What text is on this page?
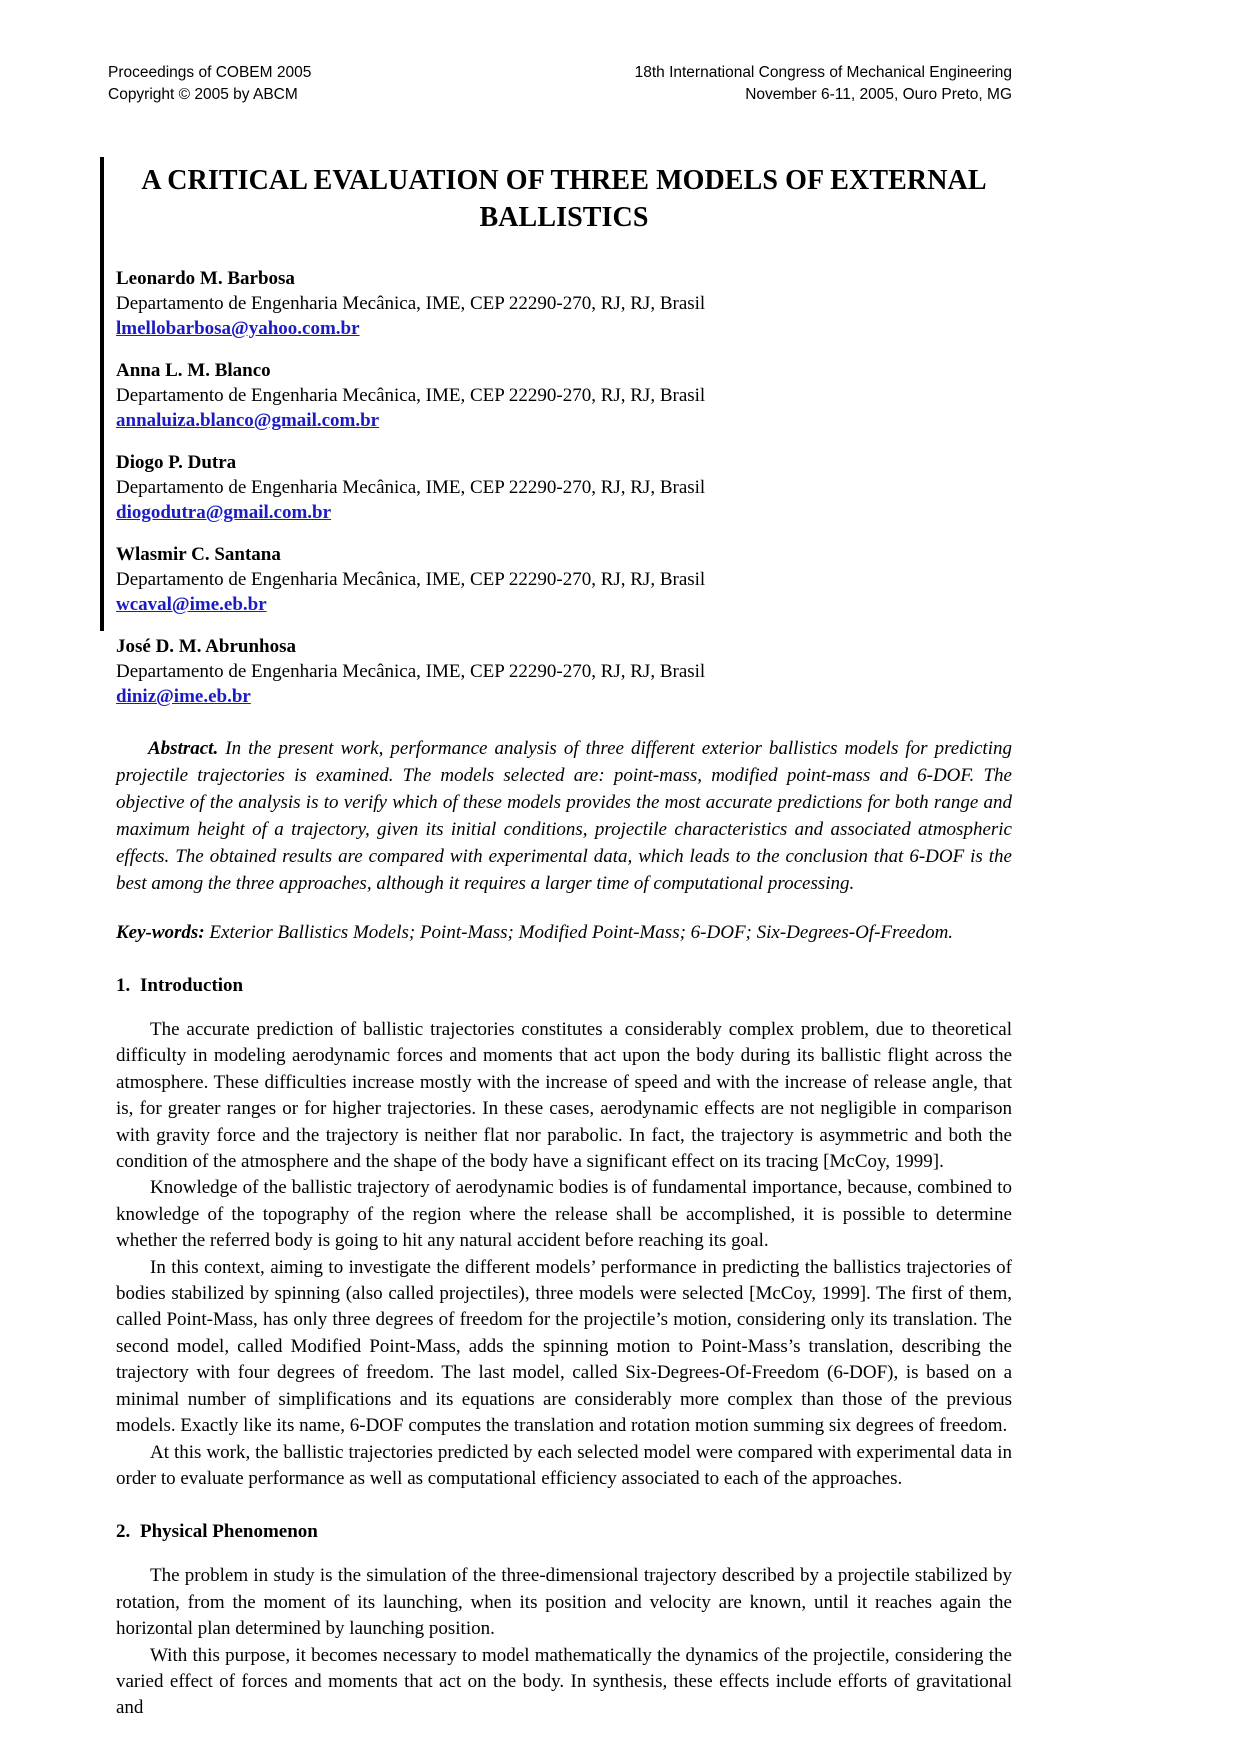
Proceedings of COBEM 2005
Copyright © 2005 by ABCM
18th International Congress of Mechanical Engineering
November 6-11, 2005, Ouro Preto, MG
A CRITICAL EVALUATION OF THREE MODELS OF EXTERNAL BALLISTICS
Leonardo M. Barbosa
Departamento de Engenharia Mecânica, IME, CEP 22290-270, RJ, RJ, Brasil
lmellobarbosa@yahoo.com.br
Anna L. M. Blanco
Departamento de Engenharia Mecânica, IME, CEP 22290-270, RJ, RJ, Brasil
annaluiza.blanco@gmail.com.br
Diogo P. Dutra
Departamento de Engenharia Mecânica, IME, CEP 22290-270, RJ, RJ, Brasil
diogodutra@gmail.com.br
Wlasmir C. Santana
Departamento de Engenharia Mecânica, IME, CEP 22290-270, RJ, RJ, Brasil
wcaval@ime.eb.br
José D. M. Abrunhosa
Departamento de Engenharia Mecânica, IME, CEP 22290-270, RJ, RJ, Brasil
diniz@ime.eb.br

Abstract. In the present work, performance analysis of three different exterior ballistics models for predicting projectile trajectories is examined. The models selected are: point-mass, modified point-mass and 6-DOF. The objective of the analysis is to verify which of these models provides the most accurate predictions for both range and maximum height of a trajectory, given its initial conditions, projectile characteristics and associated atmospheric effects. The obtained results are compared with experimental data, which leads to the conclusion that 6-DOF is the best among the three approaches, although it requires a larger time of computational processing.

Key-words: Exterior Ballistics Models; Point-Mass; Modified Point-Mass; 6-DOF; Six-Degrees-Of-Freedom.

1. Introduction

The accurate prediction of ballistic trajectories constitutes a considerably complex problem, due to theoretical difficulty in modeling aerodynamic forces and moments that act upon the body during its ballistic flight across the atmosphere. These difficulties increase mostly with the increase of speed and with the increase of release angle, that is, for greater ranges or for higher trajectories. In these cases, aerodynamic effects are not negligible in comparison with gravity force and the trajectory is neither flat nor parabolic. In fact, the trajectory is asymmetric and both the condition of the atmosphere and the shape of the body have a significant effect on its tracing [McCoy, 1999].

Knowledge of the ballistic trajectory of aerodynamic bodies is of fundamental importance, because, combined to knowledge of the topography of the region where the release shall be accomplished, it is possible to determine whether the referred body is going to hit any natural accident before reaching its goal.

In this context, aiming to investigate the different models’ performance in predicting the ballistics trajectories of bodies stabilized by spinning (also called projectiles), three models were selected [McCoy, 1999]. The first of them, called Point-Mass, has only three degrees of freedom for the projectile’s motion, considering only its translation. The second model, called Modified Point-Mass, adds the spinning motion to Point-Mass’s translation, describing the trajectory with four degrees of freedom. The last model, called Six-Degrees-Of-Freedom (6-DOF), is based on a minimal number of simplifications and its equations are considerably more complex than those of the previous models. Exactly like its name, 6-DOF computes the translation and rotation motion summing six degrees of freedom.

At this work, the ballistic trajectories predicted by each selected model were compared with experimental data in order to evaluate performance as well as computational efficiency associated to each of the approaches.

2. Physical Phenomenon

The problem in study is the simulation of the three-dimensional trajectory described by a projectile stabilized by rotation, from the moment of its launching, when its position and velocity are known, until it reaches again the horizontal plan determined by launching position.

With this purpose, it becomes necessary to model mathematically the dynamics of the projectile, considering the varied effect of forces and moments that act on the body. In synthesis, these effects include efforts of gravitational and
